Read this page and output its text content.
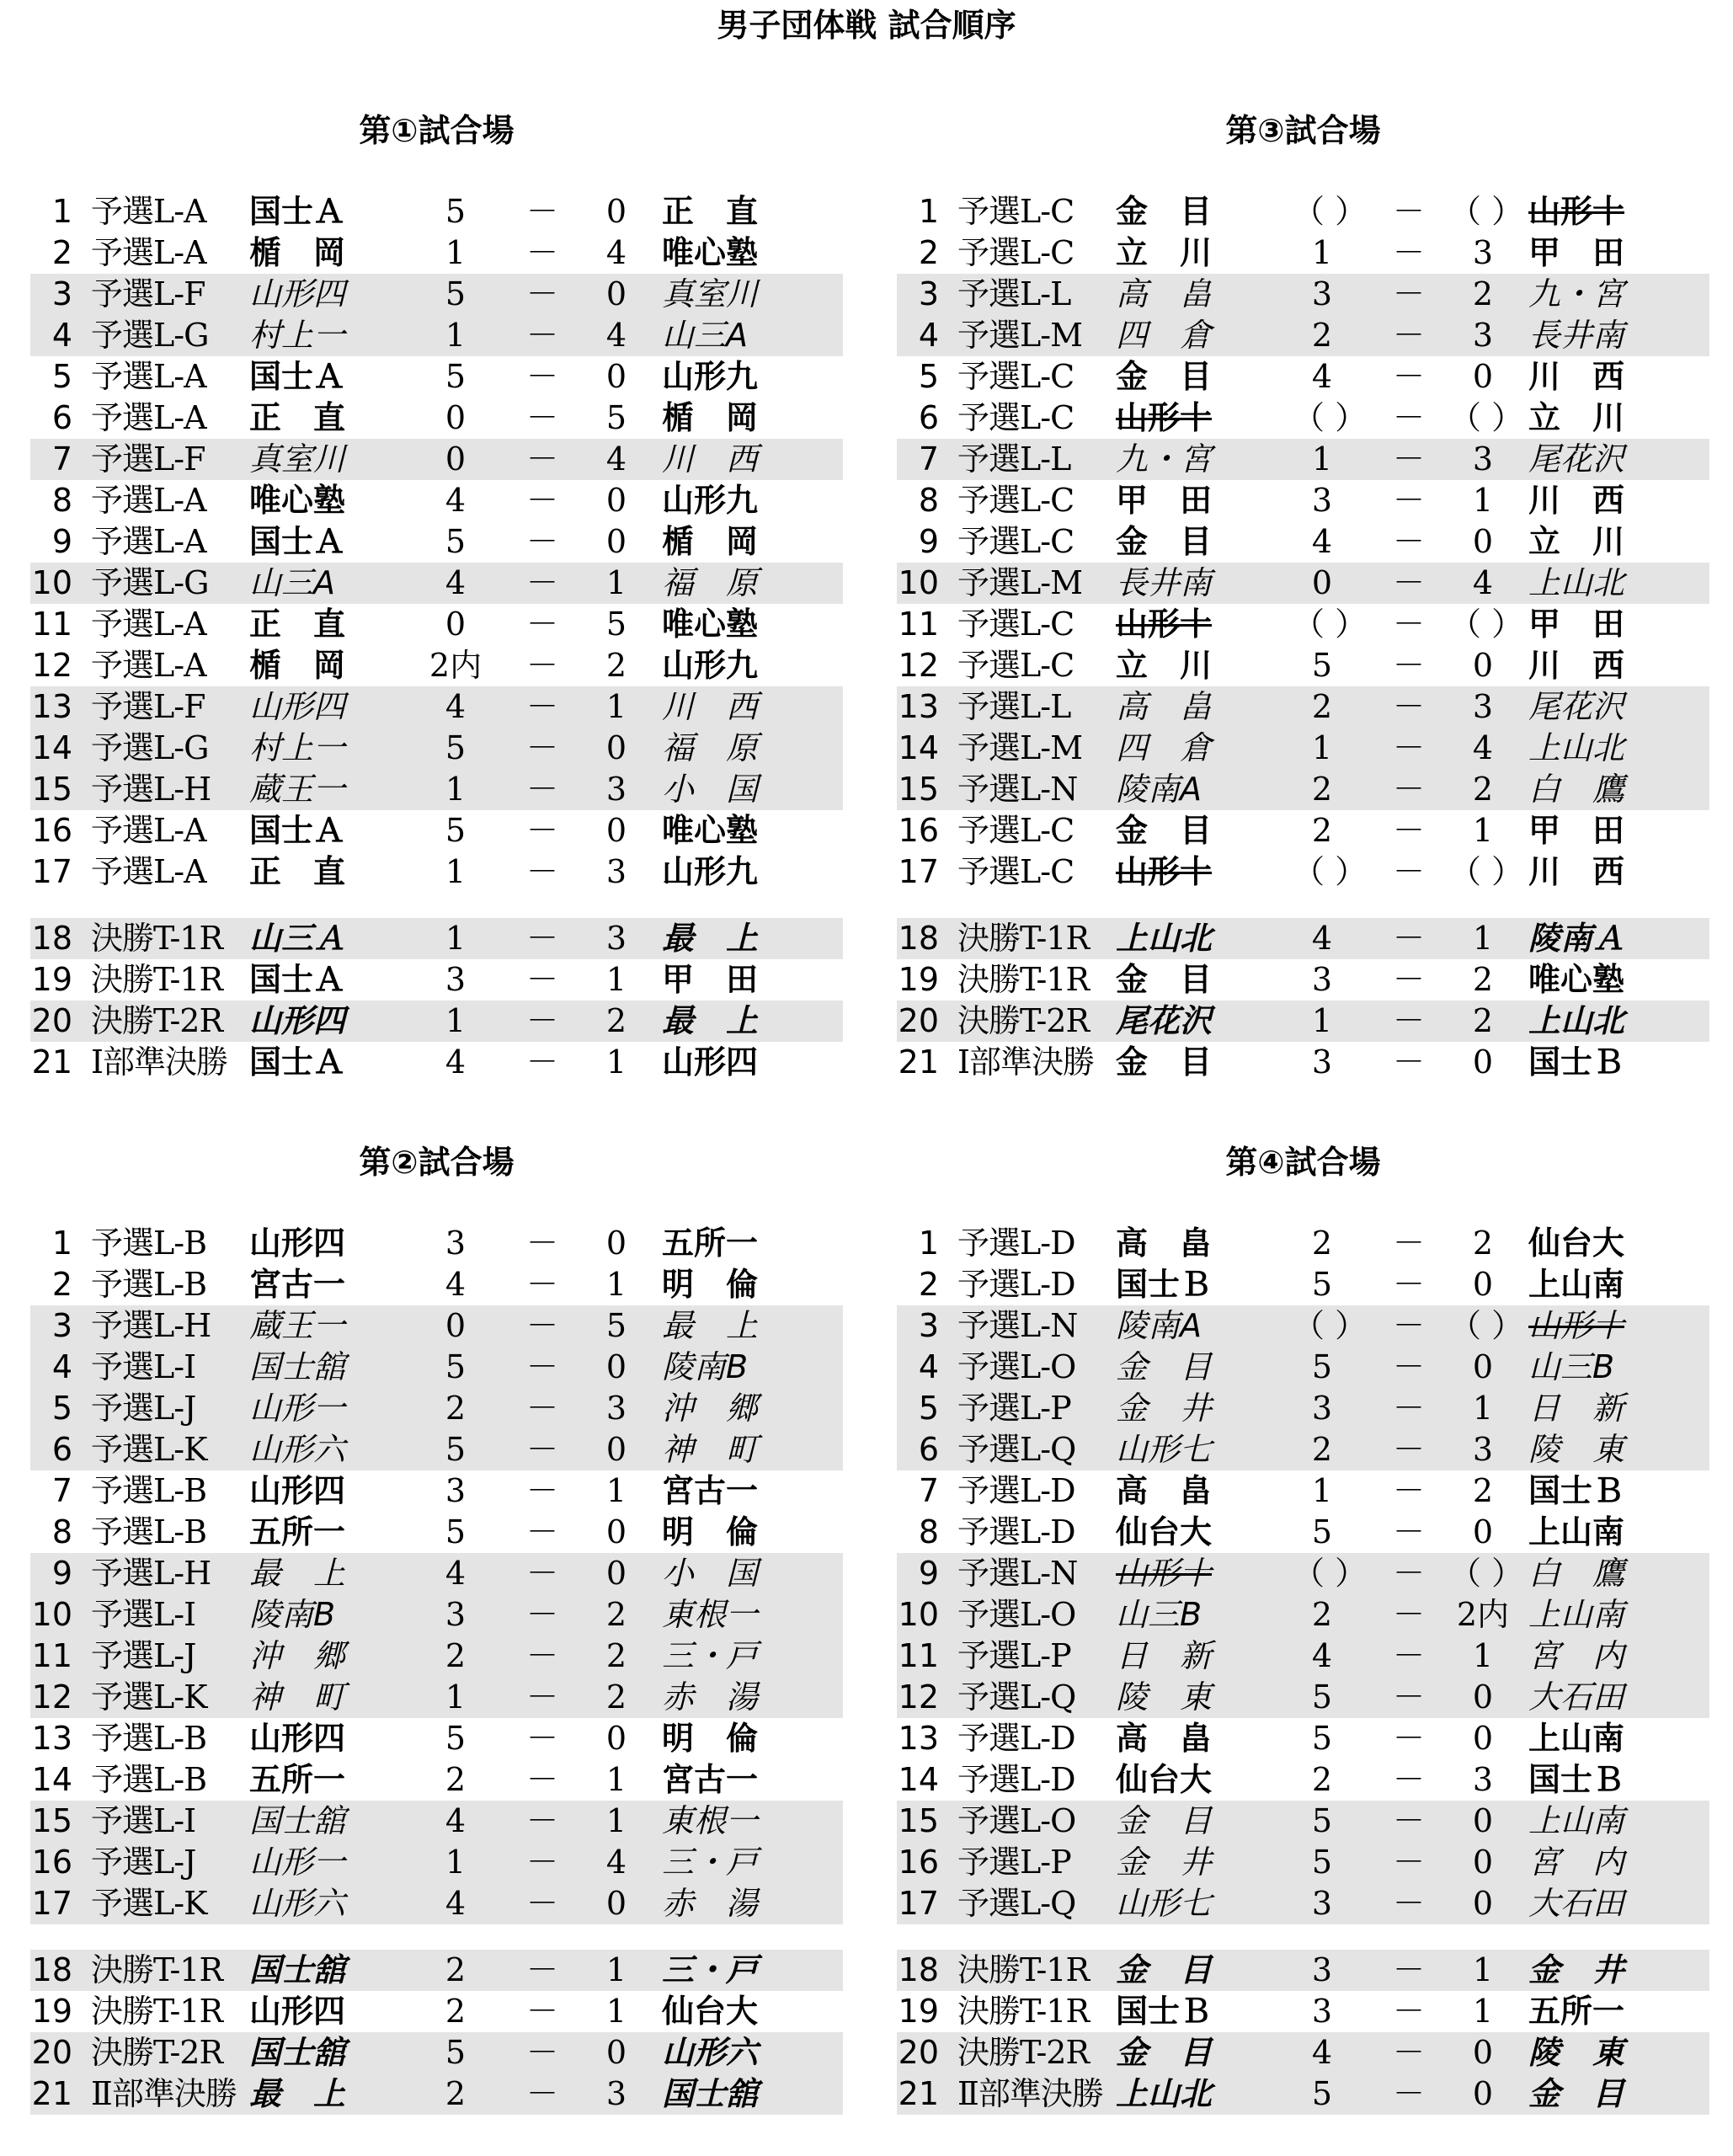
男子団体戦 試合順序
第①試合場
1 予選L-A	国士Ａ	5	－	0	正　直
2 予選L-A	楯　岡	1	－	4	唯心塾
3 予選L-F	山形四	5	－	0	真室川
4 予選L-G	村上一	1	－	4	山三A
5 予選L-A	国士Ａ	5	－	0	山形九
6 予選L-A	正　直	0	－	5	楯　岡
7 予選L-F	真室川	0	－	4	川　西
8 予選L-A	唯心塾	4	－	0	山形九
9 予選L-A	国士Ａ	5	－	0	楯　岡
10 予選L-G	山三A	4	－	1	福　原
11 予選L-A	正　直	0	－	5	唯心塾
12 予選L-A	楯　岡	2内 －	2	山形九
13 予選L-F	山形四	4	－	1	川　西
14 予選L-G	村上一	5	－	0	福　原
15 予選L-H	蔵王一	1	－	3	小　国
16 予選L-A	国士Ａ	5	－	0	唯心塾
17 予選L-A	正　直	1	－	3	山形九
18 決勝T-1R 山三Ａ	1	－	3	最　上
19 決勝T-1R 国士Ａ	3	－	1	甲　田
20 決勝T-2R 山形四	1	－	2	最　上
21 Ⅰ部準決勝 国士Ａ	4	－	1	山形四
第③試合場
1 予選L-C	金　目	（ ） － （ ） 山形十
2 予選L-C	立　川	1	－	3	甲　田
3 予選L-L	高　畠	3	－	2	九・宮
4 予選L-M	四　倉	2	－	3	長井南
5 予選L-C	金　目	4	－	0	川　西
6 予選L-C	山形十	（ ） － （ ） 立　川
7 予選L-L	九・宮	1	－	3	尾花沢
8 予選L-C	甲　田	3	－	1	川　西
9 予選L-C	金　目	4	－	0	立　川
10 予選L-M	長井南	0	－	4	上山北
11 予選L-C	山形十	（ ） － （ ） 甲　田
12 予選L-C	立　川	5	－	0	川　西
13 予選L-L	高　畠	2	－	3	尾花沢
14 予選L-M	四　倉	1	－	4	上山北
15 予選L-N	陵南A	2	－	2	白　鷹
16 予選L-C	金　目	2	－	1	甲　田
17 予選L-C	山形十	（ ） － （ ） 川　西
18 決勝T-1R 上山北	4	－	1	陵南Ａ
19 決勝T-1R 金　目	3	－	2	唯心塾
20 決勝T-2R 尾花沢	1	－	2	上山北
21 Ⅰ部準決勝 金　目	3	－	0	国士Ｂ
第②試合場
1 予選L-B	山形四	3	－	0	五所一
2 予選L-B	宮古一	4	－	1	明　倫
3 予選L-H	蔵王一	0	－	5	最　上
4 予選L-I	国士舘	5	－	0	陵南B
5 予選L-J	山形一	2	－	3	沖　郷
6 予選L-K	山形六	5	－	0	神　町
7 予選L-B	山形四	3	－	1	宮古一
8 予選L-B	五所一	5	－	0	明　倫
9 予選L-H	最　上	4	－	0	小　国
10 予選L-I	陵南B	3	－	2	東根一
11 予選L-J	沖　郷	2	－	2	三・戸
12 予選L-K	神　町	1	－	2	赤　湯
13 予選L-B	山形四	5	－	0	明　倫
14 予選L-B	五所一	2	－	1	宮古一
15 予選L-I	国士舘	4	－	1	東根一
16 予選L-J	山形一	1	－	4	三・戸
17 予選L-K	山形六	4	－	0	赤　湯
18 決勝T-1R 国士舘	2	－	1	三・戸
19 決勝T-1R 山形四	2	－	1	仙台大
20 決勝T-2R 国士舘	5	－	0	山形六
21 Ⅱ部準決勝 最　上	2	－	3	国士舘
第④試合場
1 予選L-D	高　畠	2	－	2	仙台大
2 予選L-D	国士Ｂ	5	－	0	上山南
3 予選L-N	陵南A	（ ） － （ ） 山形十
4 予選L-O	金　目	5	－	0	山三B
5 予選L-P	金　井	3	－	1	日　新
6 予選L-Q	山形七	2	－	3	陵　東
7 予選L-D	高　畠	1	－	2	国士Ｂ
8 予選L-D	仙台大	5	－	0	上山南
9 予選L-N	山形十	（ ） － （ ） 白　鷹
10 予選L-O	山三B	2	－ 2内 上山南
11 予選L-P	日　新	4	－	1	宮　内
12 予選L-Q	陵　東	5	－	0	大石田
13 予選L-D	高　畠	5	－	0	上山南
14 予選L-D	仙台大	2	－	3	国士Ｂ
15 予選L-O	金　目	5	－	0	上山南
16 予選L-P	金　井	5	－	0	宮　内
17 予選L-Q	山形七	3	－	0	大石田
18 決勝T-1R 金　目	3	－	1	金　井
19 決勝T-1R 国士Ｂ	3	－	1	五所一
20 決勝T-2R 金　目	4	－	0	陵　東
21 Ⅱ部準決勝 上山北	5	－	0	金　目
